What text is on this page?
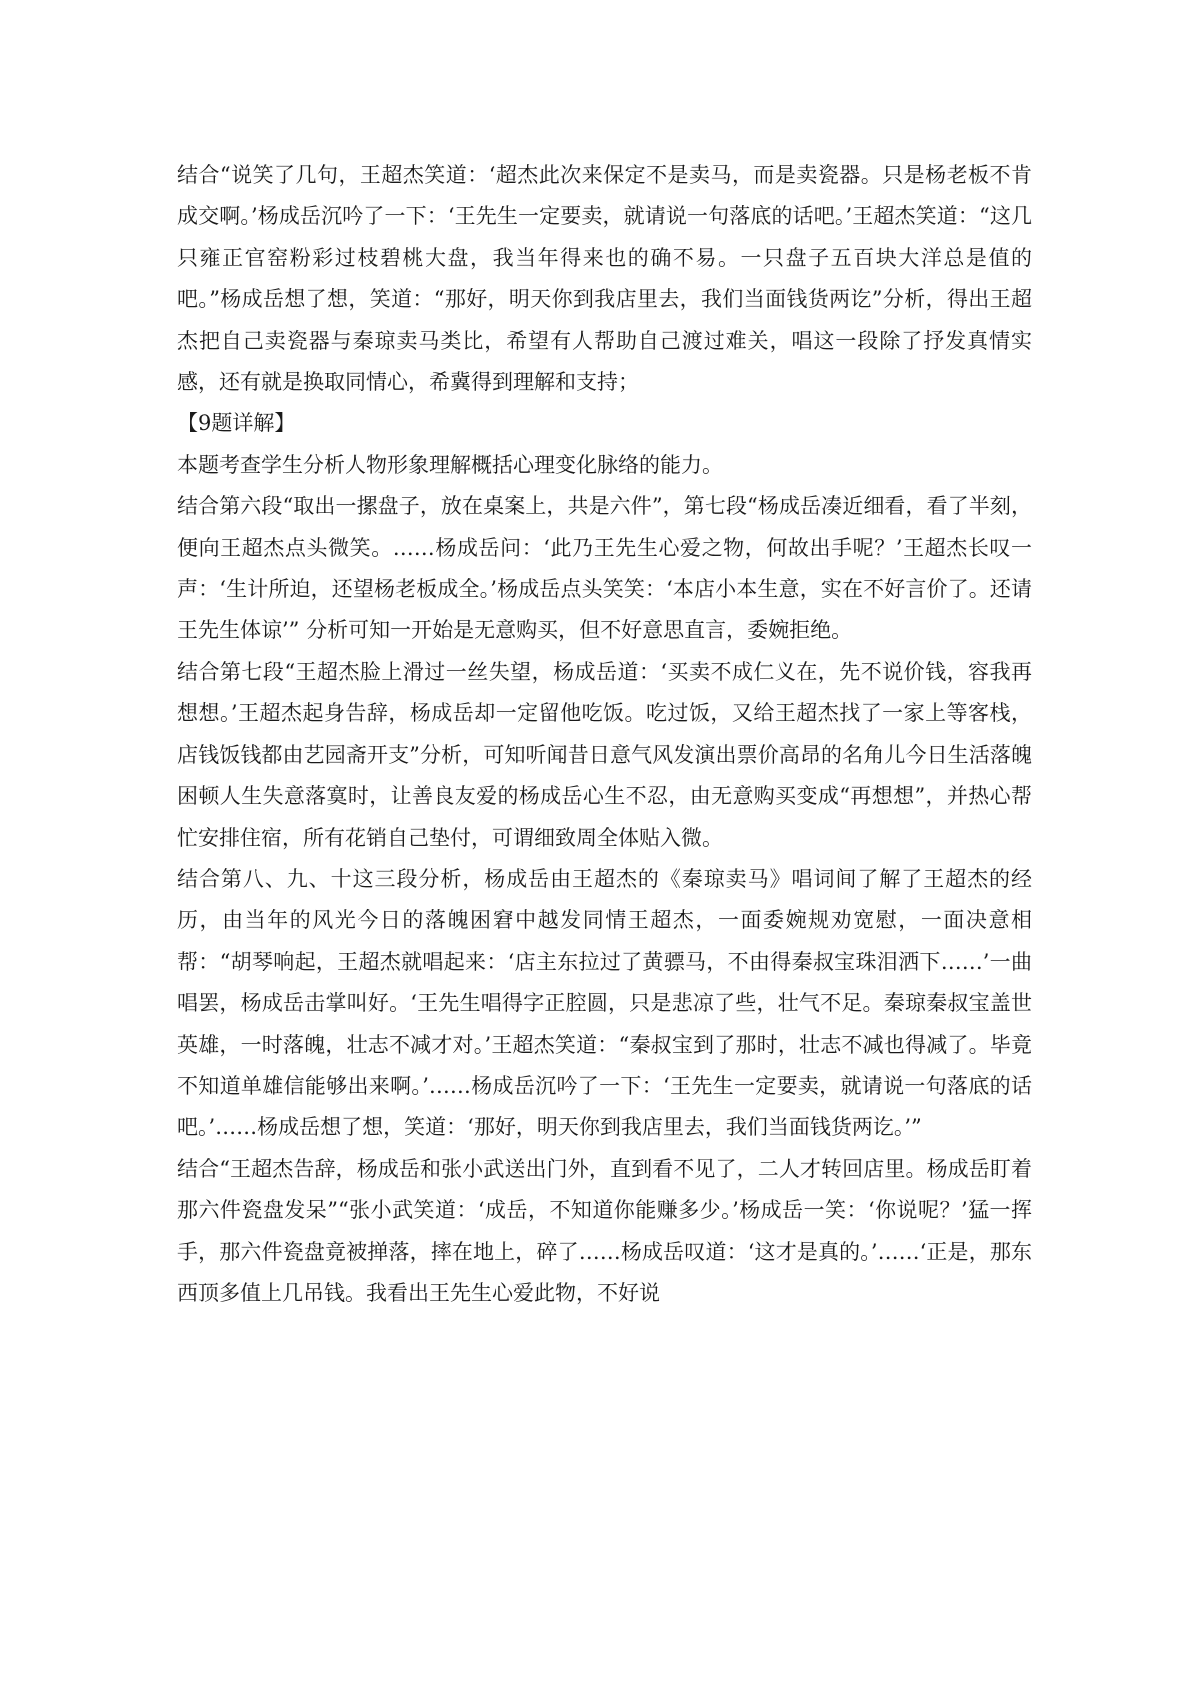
结合“说笑了几句，王超杰笑道：‘超杰此次来保定不是卖马，而是卖瓷器。只是杨老板不肯成交啊。’杨成岳沉吟了一下：‘王先生一定要卖，就请说一句落底的话吧。’王超杰笑道：“这几只雍正官窑粉彩过枝碧桃大盘，我当年得来也的确不易。一只盘子五百块大洋总是值的吧。”杨成岳想了想，笑道：“那好，明天你到我店里去，我们当面钱货两讫”分析，得出王超杰把自己卖瓷器与秦琼卖马类比，希望有人帮助自己渡过难关，唱这一段除了抒发真情实感，还有就是换取同情心，希冀得到理解和支持；

【9题详解】

本题考查学生分析人物形象理解概括心理变化脉络的能力。

结合第六段“取出一摞盘子，放在桌案上，共是六件”，第七段“杨成岳凑近细看，看了半刻，便向王超杰点头微笑。……杨成岳问：‘此乃王先生心爱之物，何故出手呢？’王超杰长叹一声：‘生计所迫，还望杨老板成全。’杨成岳点头笑笑：‘本店小本生意，实在不好言价了。还请王先生体谅’” 分析可知一开始是无意购买，但不好意思直言，委婉拒绝。

结合第七段“王超杰脸上滑过一丝失望，杨成岳道：‘买卖不成仁义在，先不说价钱，容我再想想。’王超杰起身告辞，杨成岳却一定留他吃饭。吃过饭，又给王超杰找了一家上等客栈，店钱饭钱都由艺园斋开支”分析，可知听闻昔日意气风发演出票价高昂的名角儿今日生活落魄困顿人生失意落寞时，让善良友爱的杨成岳心生不忍，由无意购买变成“再想想”，并热心帮忙安排住宿，所有花销自己垫付，可谓细致周全体贴入微。

结合第八、九、十这三段分析，杨成岳由王超杰的《秦琼卖马》唱词间了解了王超杰的经历，由当年的风光今日的落魄困窘中越发同情王超杰，一面委婉规劝宽慰，一面决意相帮：“胡琴响起，王超杰就唱起来：‘店主东拉过了黄骠马，不由得秦叔宝珠泪洒下……’一曲唱罢，杨成岳击掌叫好。‘王先生唱得字正腔圆，只是悲凉了些，壮气不足。秦琼秦叔宝盖世英雄，一时落魄，壮志不减才对。’王超杰笑道：“秦叔宝到了那时，壮志不减也得减了。毕竟不知道单雄信能够出来啊。’……杨成岳沉吟了一下：‘王先生一定要卖，就请说一句落底的话吧。’……杨成岳想了想，笑道：‘那好，明天你到我店里去，我们当面钱货两讫。’”

结合“王超杰告辞，杨成岳和张小武送出门外，直到看不见了，二人才转回店里。杨成岳盯着那六件瓷盘发呆”“张小武笑道：‘成岳，不知道你能赚多少。’杨成岳一笑：‘你说呢？’猛一挥手，那六件瓷盘竟被掸落，摔在地上，碎了……杨成岳叹道：‘这才是真的。’……‘正是，那东西顶多值上几吊钱。我看出王先生心爱此物，不好说
